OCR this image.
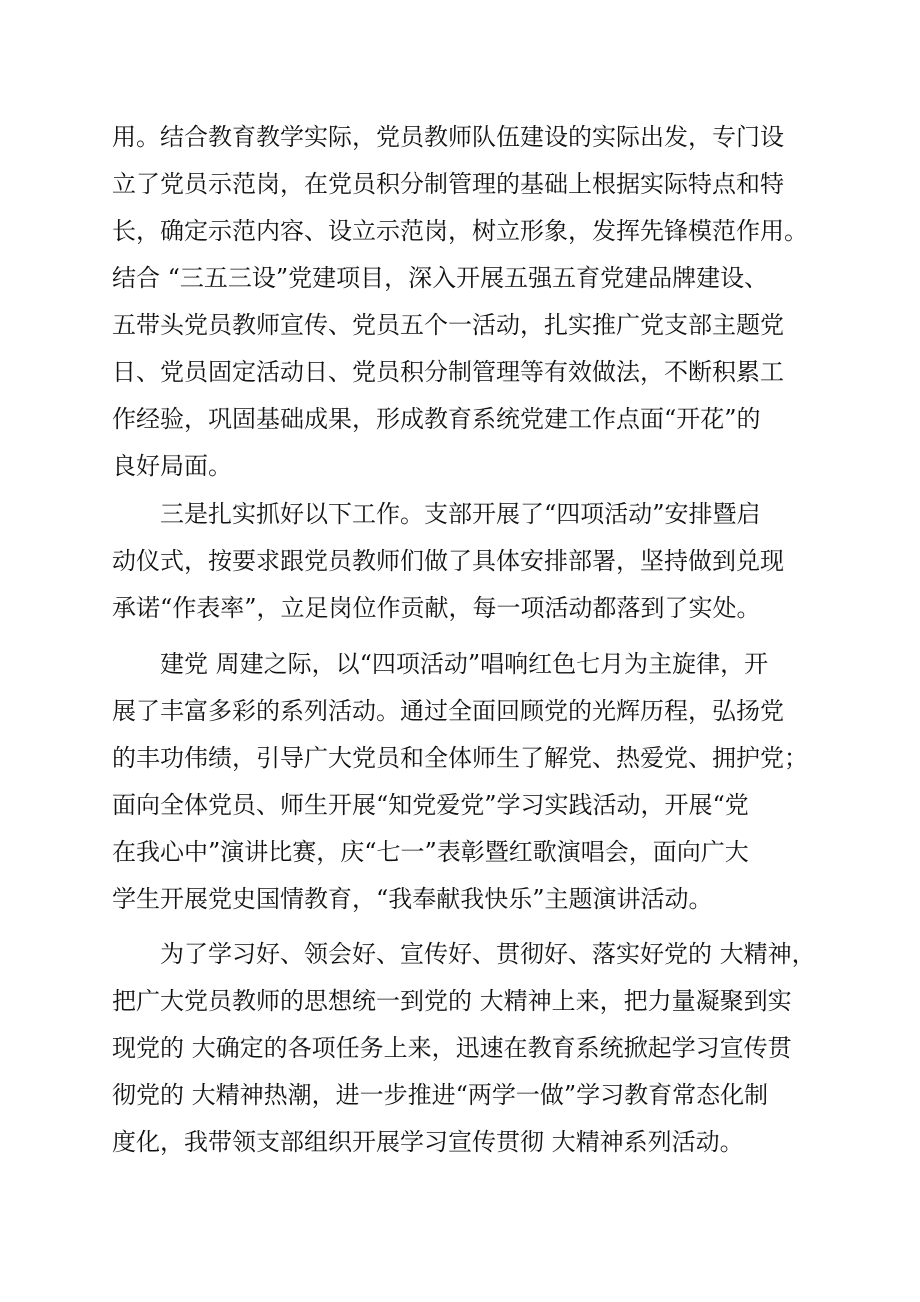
用。结合教育教学实际，党员教师队伍建设的实际出发，专门设
立了党员示范岗，在党员积分制管理的基础上根据实际特点和特
长，确定示范内容、设立示范岗，树立形象，发挥先锋模范作用。
结合 “三五三设”党建项目，深入开展五强五育党建品牌建设、
五带头党员教师宣传、党员五个一活动，扎实推广党支部主题党
日、党员固定活动日、党员积分制管理等有效做法，不断积累工
作经验，巩固基础成果，形成教育系统党建工作点面“开花”的
良好局面。
三是扎实抓好以下工作。支部开展了“四项活动”安排暨启
动仪式，按要求跟党员教师们做了具体安排部署，坚持做到兑现
承诺“作表率”，立足岗位作贡献，每一项活动都落到了实处。
建党 周建之际，以“四项活动”唱响红色七月为主旋律，开
展了丰富多彩的系列活动。通过全面回顾党的光辉历程，弘扬党
的丰功伟绩，引导广大党员和全体师生了解党、热爱党、拥护党；
面向全体党员、师生开展“知党爱党”学习实践活动，开展“党
在我心中”演讲比赛，庆“七一”表彰暨红歌演唱会，面向广大
学生开展党史国情教育，“我奉献我快乐”主题演讲活动。
为了学习好、领会好、宣传好、贯彻好、落实好党的 大精神，
把广大党员教师的思想统一到党的 大精神上来，把力量凝聚到实
现党的 大确定的各项任务上来，迅速在教育系统掀起学习宣传贯
彻党的 大精神热潮，进一步推进“两学一做”学习教育常态化制
度化，我带领支部组织开展学习宣传贯彻 大精神系列活动。
